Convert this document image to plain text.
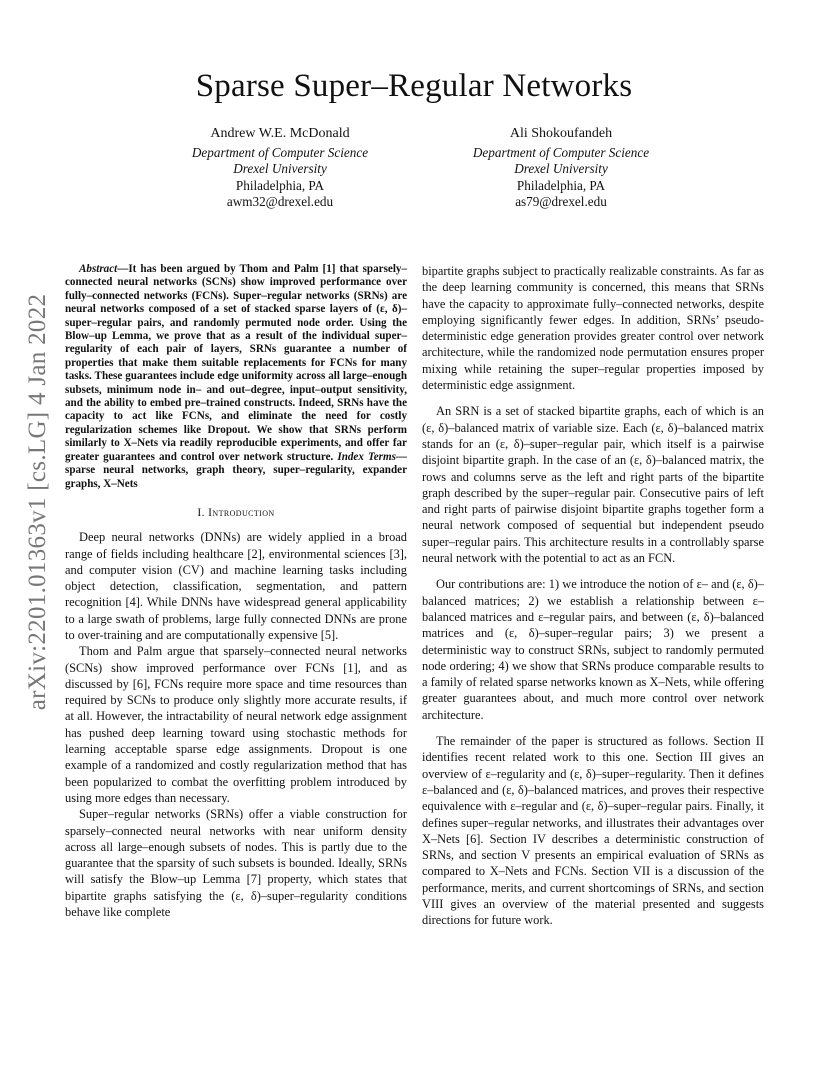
Sparse Super–Regular Networks
Andrew W.E. McDonald
Department of Computer Science
Drexel University
Philadelphia, PA
awm32@drexel.edu
Ali Shokoufandeh
Department of Computer Science
Drexel University
Philadelphia, PA
as79@drexel.edu
arXiv:2201.01363v1 [cs.LG] 4 Jan 2022

Abstract—It has been argued by Thom and Palm [1] that sparsely–connected neural networks (SCNs) show improved performance over fully–connected networks (FCNs). Super–regular networks (SRNs) are neural networks composed of a set of stacked sparse layers of (ε, δ)–super–regular pairs, and randomly permuted node order. Using the Blow–up Lemma, we prove that as a result of the individual super–regularity of each pair of layers, SRNs guarantee a number of properties that make them suitable replacements for FCNs for many tasks. These guarantees include edge uniformity across all large–enough subsets, minimum node in– and out–degree, input–output sensitivity, and the ability to embed pre–trained constructs. Indeed, SRNs have the capacity to act like FCNs, and eliminate the need for costly regularization schemes like Dropout. We show that SRNs perform similarly to X–Nets via readily reproducible experiments, and offer far greater guarantees and control over network structure. Index Terms—sparse neural networks, graph theory, super–regularity, expander graphs, X–Nets

I. Introduction

Deep neural networks (DNNs) are widely applied in a broad range of fields including healthcare [2], environmental sciences [3], and computer vision (CV) and machine learning tasks including object detection, classification, segmentation, and pattern recognition [4]. While DNNs have widespread general applicability to a large swath of problems, large fully connected DNNs are prone to over-training and are computationally expensive [5].

Thom and Palm argue that sparsely–connected neural networks (SCNs) show improved performance over FCNs [1], and as discussed by [6], FCNs require more space and time resources than required by SCNs to produce only slightly more accurate results, if at all. However, the intractability of neural network edge assignment has pushed deep learning toward using stochastic methods for learning acceptable sparse edge assignments. Dropout is one example of a randomized and costly regularization method that has been popularized to combat the overfitting problem introduced by using more edges than necessary.

Super–regular networks (SRNs) offer a viable construction for sparsely–connected neural networks with near uniform density across all large–enough subsets of nodes. This is partly due to the guarantee that the sparsity of such subsets is bounded. Ideally, SRNs will satisfy the Blow–up Lemma [7] property, which states that bipartite graphs satisfying the (ε, δ)–super–regularity conditions behave like complete

bipartite graphs subject to practically realizable constraints. As far as the deep learning community is concerned, this means that SRNs have the capacity to approximate fully–connected networks, despite employing significantly fewer edges. In addition, SRNs’ pseudo-deterministic edge generation provides greater control over network architecture, while the randomized node permutation ensures proper mixing while retaining the super–regular properties imposed by deterministic edge assignment.

An SRN is a set of stacked bipartite graphs, each of which is an (ε, δ)–balanced matrix of variable size. Each (ε, δ)–balanced matrix stands for an (ε, δ)–super–regular pair, which itself is a pairwise disjoint bipartite graph. In the case of an (ε, δ)–balanced matrix, the rows and columns serve as the left and right parts of the bipartite graph described by the super–regular pair. Consecutive pairs of left and right parts of pairwise disjoint bipartite graphs together form a neural network composed of sequential but independent pseudo super–regular pairs. This architecture results in a controllably sparse neural network with the potential to act as an FCN.

Our contributions are: 1) we introduce the notion of ε– and (ε, δ)–balanced matrices; 2) we establish a relationship between ε–balanced matrices and ε–regular pairs, and between (ε, δ)–balanced matrices and (ε, δ)–super–regular pairs; 3) we present a deterministic way to construct SRNs, subject to randomly permuted node ordering; 4) we show that SRNs produce comparable results to a family of related sparse networks known as X–Nets, while offering greater guarantees about, and much more control over network architecture.

The remainder of the paper is structured as follows. Section II identifies recent related work to this one. Section III gives an overview of ε–regularity and (ε, δ)–super–regularity. Then it defines ε–balanced and (ε, δ)–balanced matrices, and proves their respective equivalence with ε–regular and (ε, δ)–super–regular pairs. Finally, it defines super–regular networks, and illustrates their advantages over X–Nets [6]. Section IV describes a deterministic construction of SRNs, and section V presents an empirical evaluation of SRNs as compared to X–Nets and FCNs. Section VII is a discussion of the performance, merits, and current shortcomings of SRNs, and section VIII gives an overview of the material presented and suggests directions for future work.
